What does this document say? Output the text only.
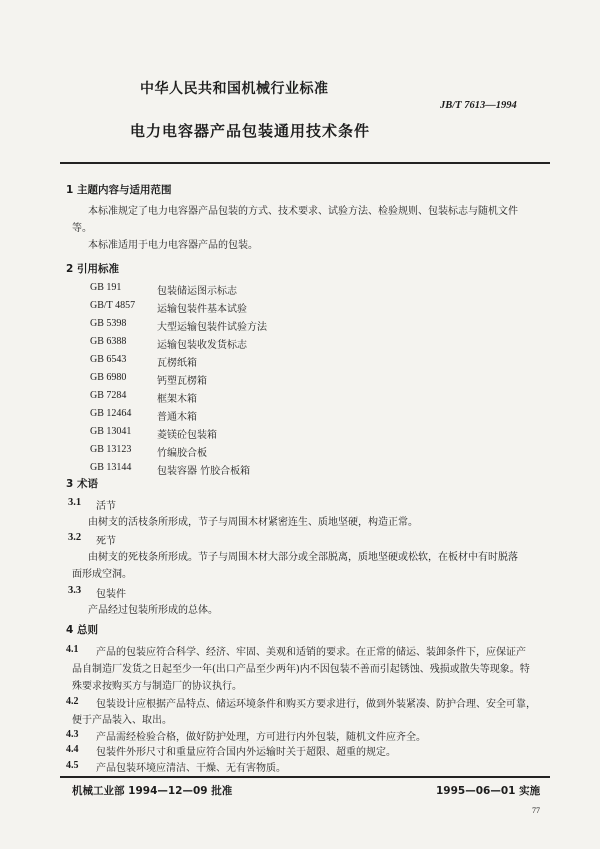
中华人民共和国机械行业标准
JB/T 7613—1994
电力电容器产品包装通用技术条件
1 主题内容与适用范围
本标准规定了电力电容器产品包装的方式、技术要求、试验方法、检验规则、包装标志与随机文件
等。
本标准适用于电力电容器产品的包装。
2 引用标准
GB 191	包装储运图示标志
GB/T 4857 运输包装件基本试验
GB 5398	大型运输包装件试验方法
GB 6388	运输包装收发货标志
GB 6543	瓦楞纸箱
GB 6980	钙塑瓦楞箱
GB 7284	框架木箱
GB 12464	普通木箱
GB 13041	菱镁砼包装箱
GB 13123	竹编胶合板
GB 13144	包装容器 竹胶合板箱
3 术语
3.1 活节
由树支的活枝条所形成，节子与周围木材紧密连生、质地坚硬，构造正常。
3.2 死节
由树支的死枝条所形成。节子与周围木材大部分或全部脱离，质地坚硬或松软，在板材中有时脱落
面形成空洞。
3.3 包装件
产品经过包装所形成的总体。
4 总则
4.1 产品的包装应符合科学、经济、牢固、美观和适销的要求。在正常的储运、装卸条件下，应保证产
品自制造厂发货之日起至少一年(出口产品至少两年)内不因包装不善而引起锈蚀、残损或散失等现象。特
殊要求按购买方与制造厂的协议执行。
4.2 包装设计应根据产品特点、储运环境条件和购买方要求进行，做到外装紧凑、防护合理、安全可靠，
便于产品装入、取出。
4.3 产品需经检验合格，做好防护处理，方可进行内外包装，随机文件应齐全。
4.4 包装件外形尺寸和重量应符合国内外运输时关于超限、超重的规定。
4.5 产品包装环境应清洁、干燥、无有害物质。
机械工业部 1994—12—09 批准	1995—06—01 实施
77
